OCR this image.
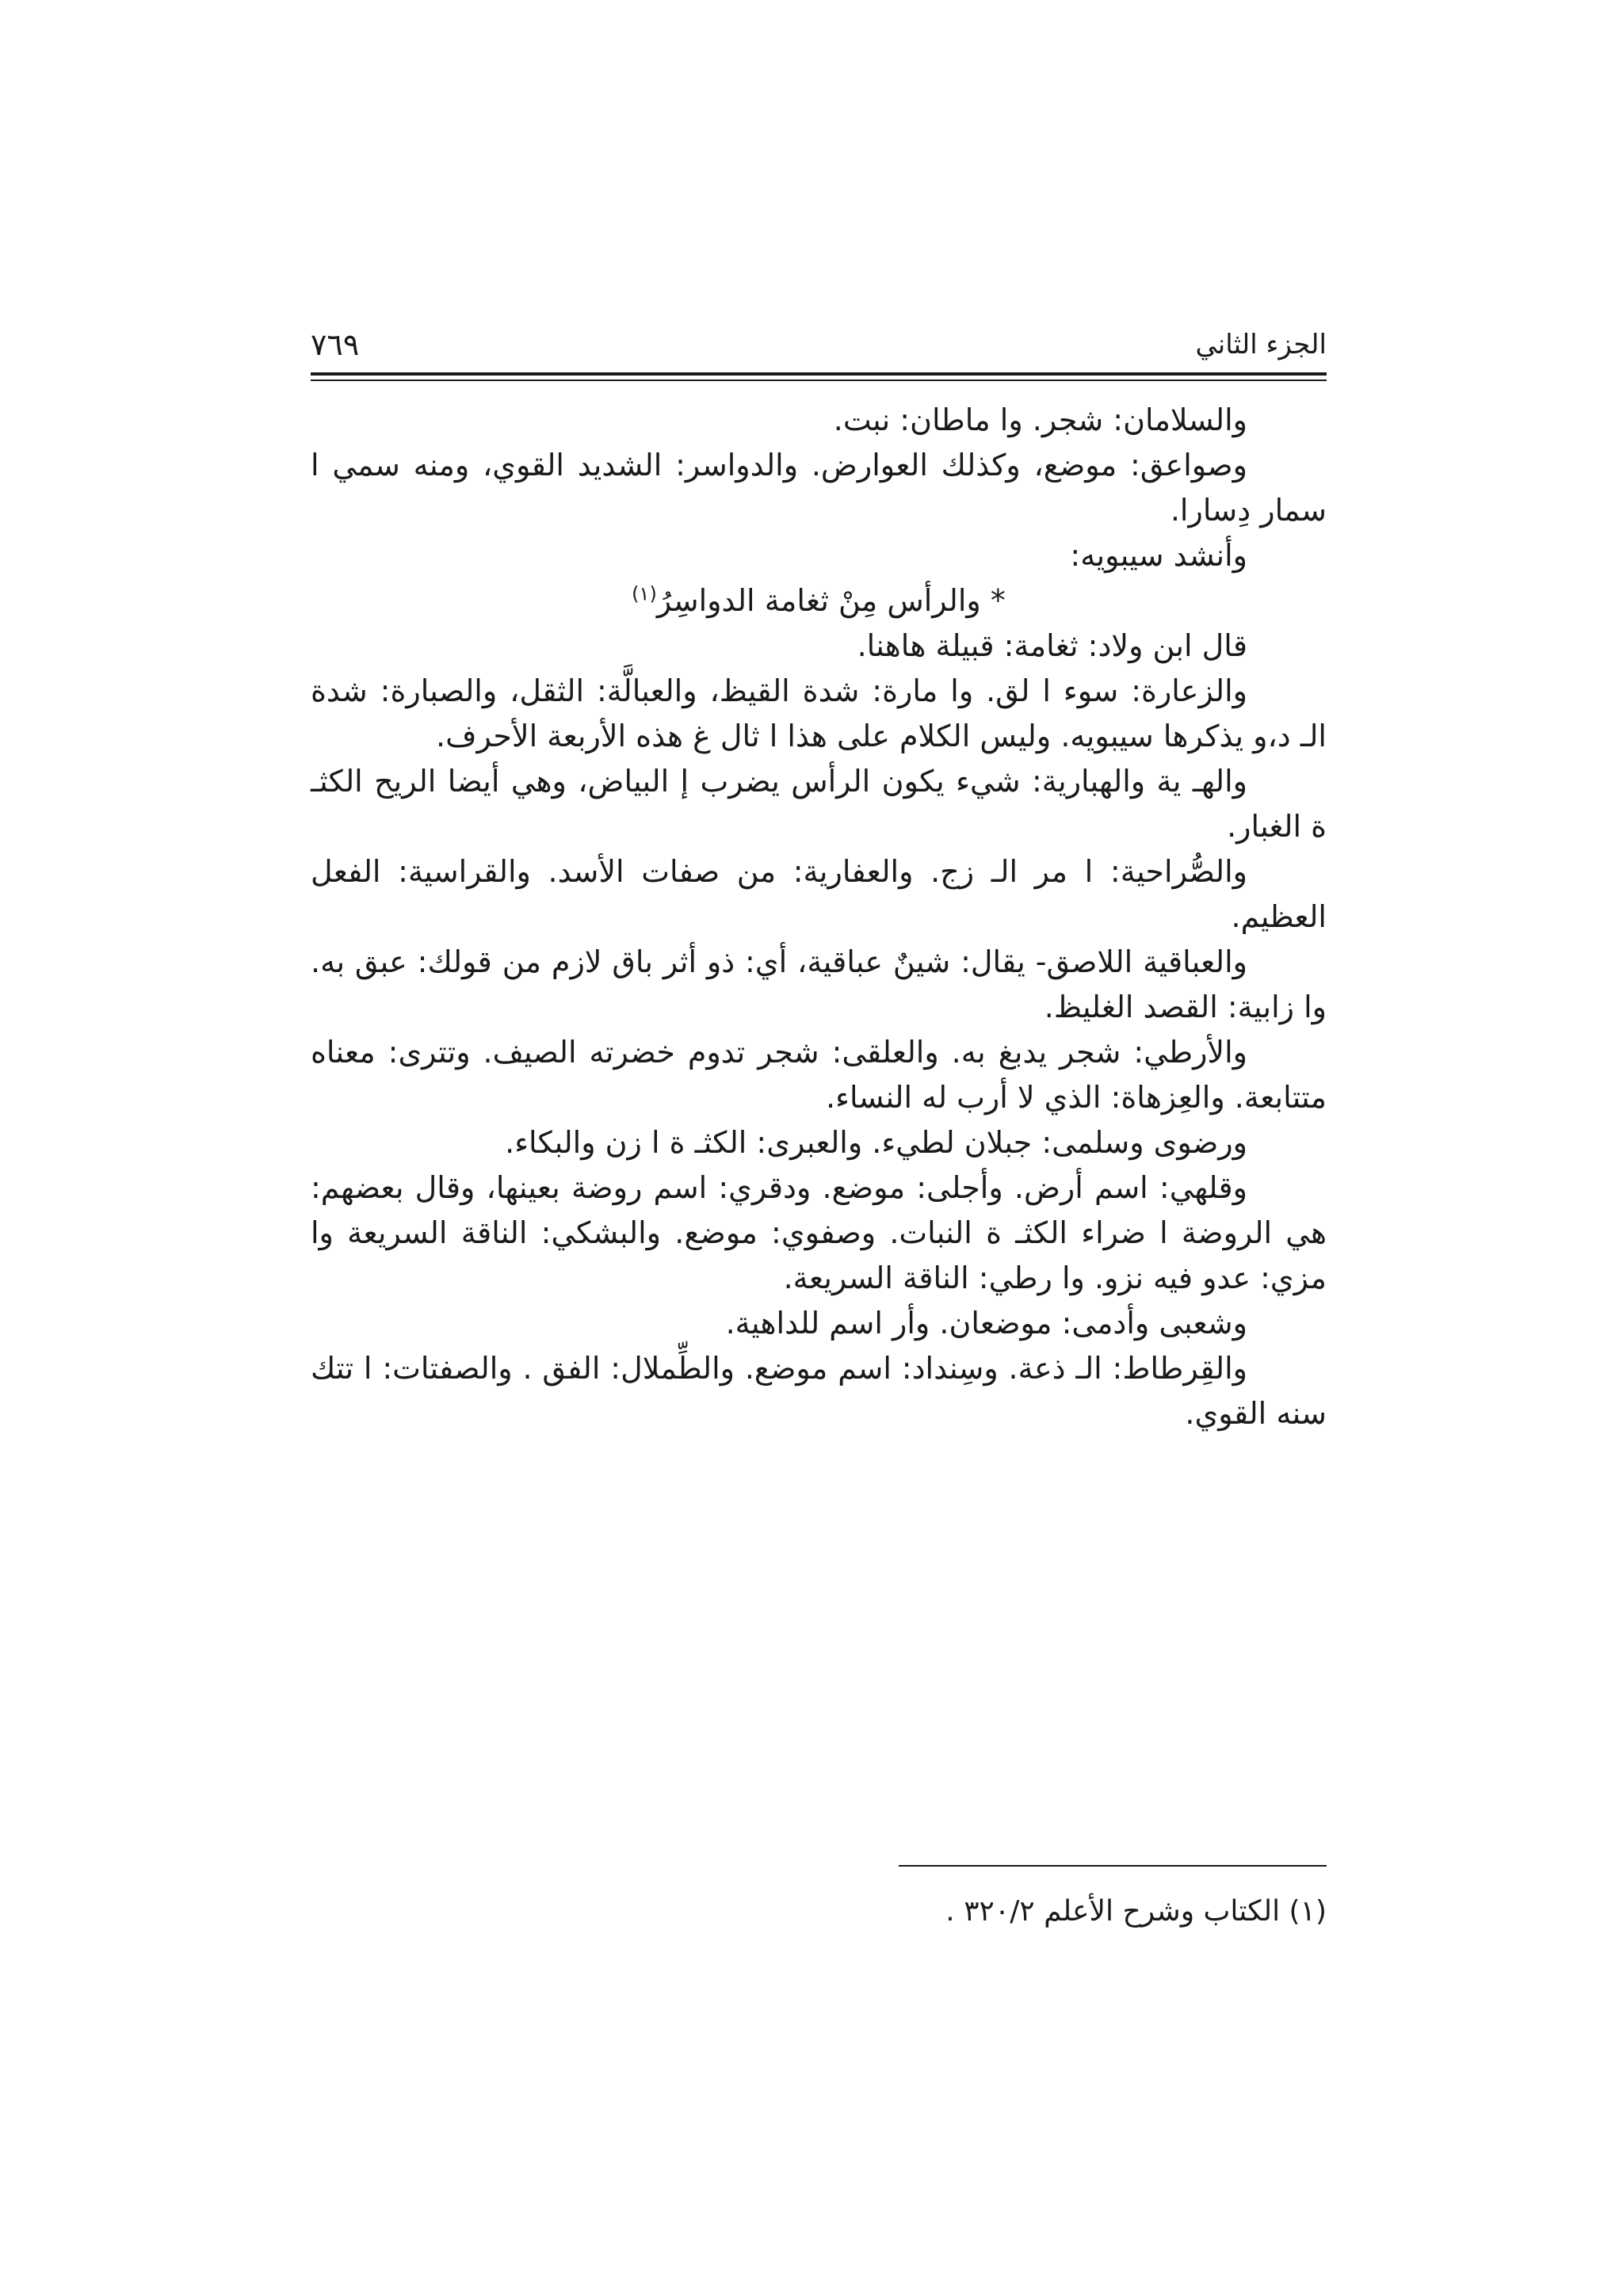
الجزء الثاني
٧٦٩

والسلامان: شجر. وا ماطان: نبت.

وصواعق: موضع، وكذلك العوارض. والدواسر: الشديد القوي، ومنه سمي ا سمار دِسارا.

وأنشد سيبويه:

* والرأس مِنْ ثغامة الدواسِرُ$^{(١)}$

قال ابن ولاد: ثغامة: قبيلة هاهنا.

والزعارة: سوء ا لق. وا مارة: شدة القيظ، والعبالَّة: الثقل، والصبارة: شدة الـ د،و يذكرها سيبويه. وليس الكلام على هذا ا ثال غ هذه الأربعة الأحرف.

والهـ ية والهبارية: شيء يكون الرأس يضرب إ البياض، وهي أيضا الريح الكثـ ة الغبار.

والصُّراحية: ا مر الـ زج. والعفارية: من صفات الأسد. والقراسية: الفعل العظيم.

والعباقية اللاصق- يقال: شينٌ عباقية، أي: ذو أثر باق لازم من قولك: عبق به. وا زابية: القصد الغليظ.

والأرطي: شجر يدبغ به. والعلقى: شجر تدوم خضرته الصيف. وتترى: معناه متتابعة. والعِزهاة: الذي لا أرب له النساء.

ورضوى وسلمى: جبلان لطيء. والعبرى: الكثـ ة ا زن والبكاء.

وقلهي: اسم أرض. وأجلى: موضع. ودقري: اسم روضة بعينها، وقال بعضهم: هي الروضة ا ضراء الكثـ ة النبات. وصفوي: موضع. والبشكي: الناقة السريعة وا مزي: عدو فيه نزو. وا رطي: الناقة السريعة.

وشعبى وأدمى: موضعان. وأر اسم للداهية.

والقِرطاط: الـ ذعة. وسِنداد: اسم موضع. والطِّملال: الفق . والصفتات: ا تتك سنه القوي.

(١) الكتاب وشرح الأعلم ٣٢٠/٢ .
